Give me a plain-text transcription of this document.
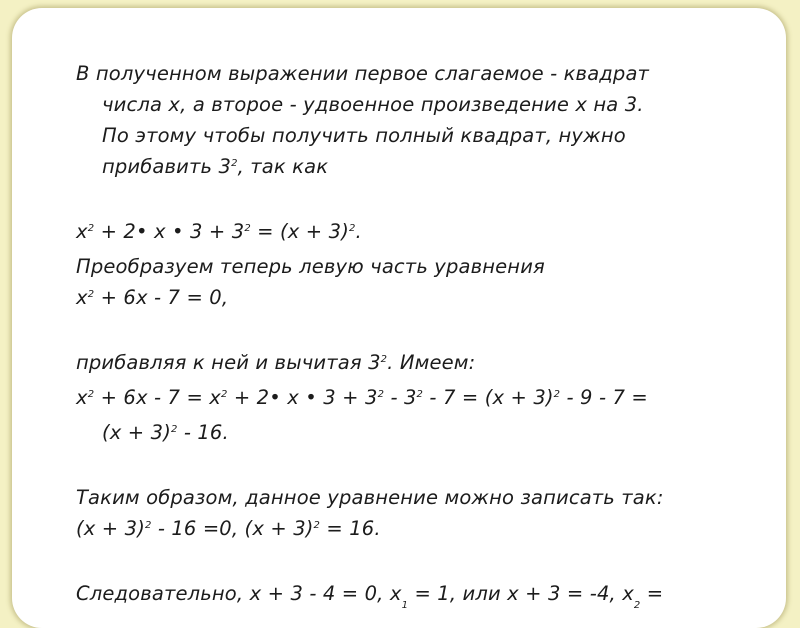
В полученном выражении первое слагаемое - квадрат
числа х, а второе - удвоенное произведение х на 3.
По этому чтобы получить полный квадрат, нужно
прибавить $3^2$, так как
$х^2$ + 2• х • $3 + 3^2 = (х + 3)^2$.
Преобразуем теперь левую часть уравнения
$х^2 + 6х - 7 = 0$,
прибавляя к ней и вычитая $3^2$. Имеем:
$х^2 + 6х - 7 = х^2$ + 2• х • $3 + 3^2 - 3^2 - 7 = (х + 3)^2 - 9 - 7$ =
$(х + 3)^2 - 16$.
Таким образом, данное уравнение можно записать так:
$(х + 3)^2 - 16 =0$, $(х + 3)^2 = 16$.
Следовательно, х + 3 - 4 = 0, $х_1 = 1$, или х + 3 = -4, $х_2$ =
